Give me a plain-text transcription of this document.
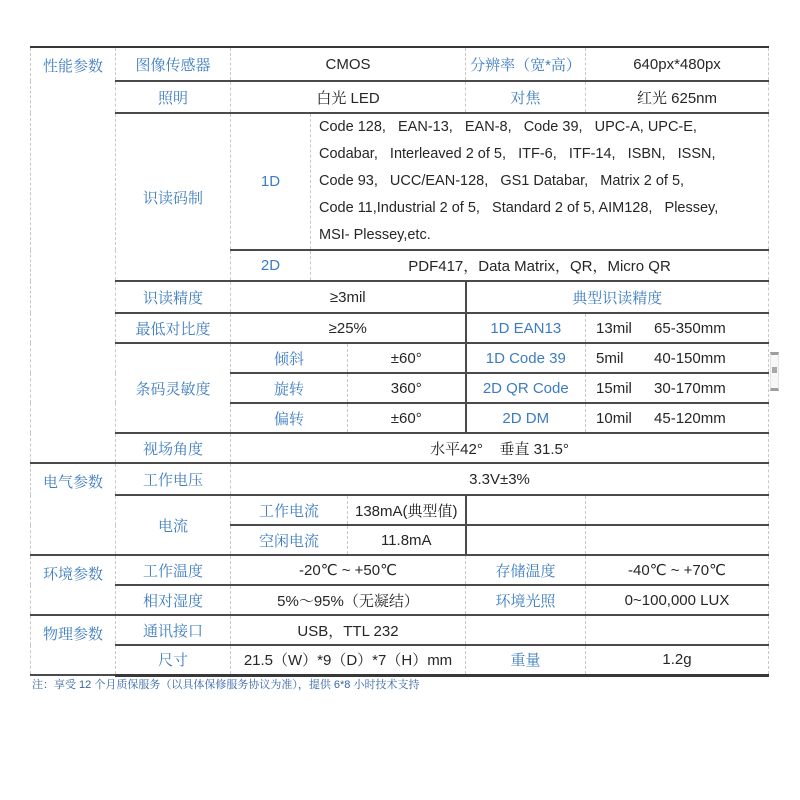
性能参数	图像传感器	CMOS			分辨率（宽*高）	640px*480px
	照明	白光 LED			对焦	红光 625nm
	识读码制	1D	Code 128,   EAN-13,   EAN-8,   Code 39,   UPC-A, UPC-E,
Codabar,   Interleaved 2 of 5,   ITF-6,   ITF-14,   ISBN,   ISSN,
Code 93,   UCC/EAN-128,   GS1 Databar,   Matrix 2 of 5,
Code 11,Industrial 2 of 5,   Standard 2 of 5, AIM128,   Plessey,
MSI- Plessey,etc.			

		2D	PDF417，Data Matrix，QR，Micro QR			
	识读精度	≥3mil			典型识读精度	
	最低对比度	≥25%			1D EAN13	13mil 65-350mm
	条码灵敏度	倾斜		±60°	1D Code 39	5mil 40-150mm
		旋转		360°	2D QR Code	15mil 30-170mm
		偏转		±60°	2D DM	10mil 45-120mm
	视场角度	水平42°    垂直 31.5°				
电气参数	工作电压	3.3V±3%				
	电流	工作电流		138mA(典型值)		
		空闲电流		11.8mA		
环境参数	工作温度	-20℃ ~ +50℃			存储温度	-40℃ ~ +70℃
	相对湿度	5%～95%（无凝结）			环境光照	0~100,000 LUX
物理参数	通讯接口	USB，TTL 232				
	尺寸	21.5（W）*9（D）*7（H）mm			重量	1.2g
注：享受 12 个月质保服务（以具体保修服务协议为准），提供 6*8 小时技术支持
